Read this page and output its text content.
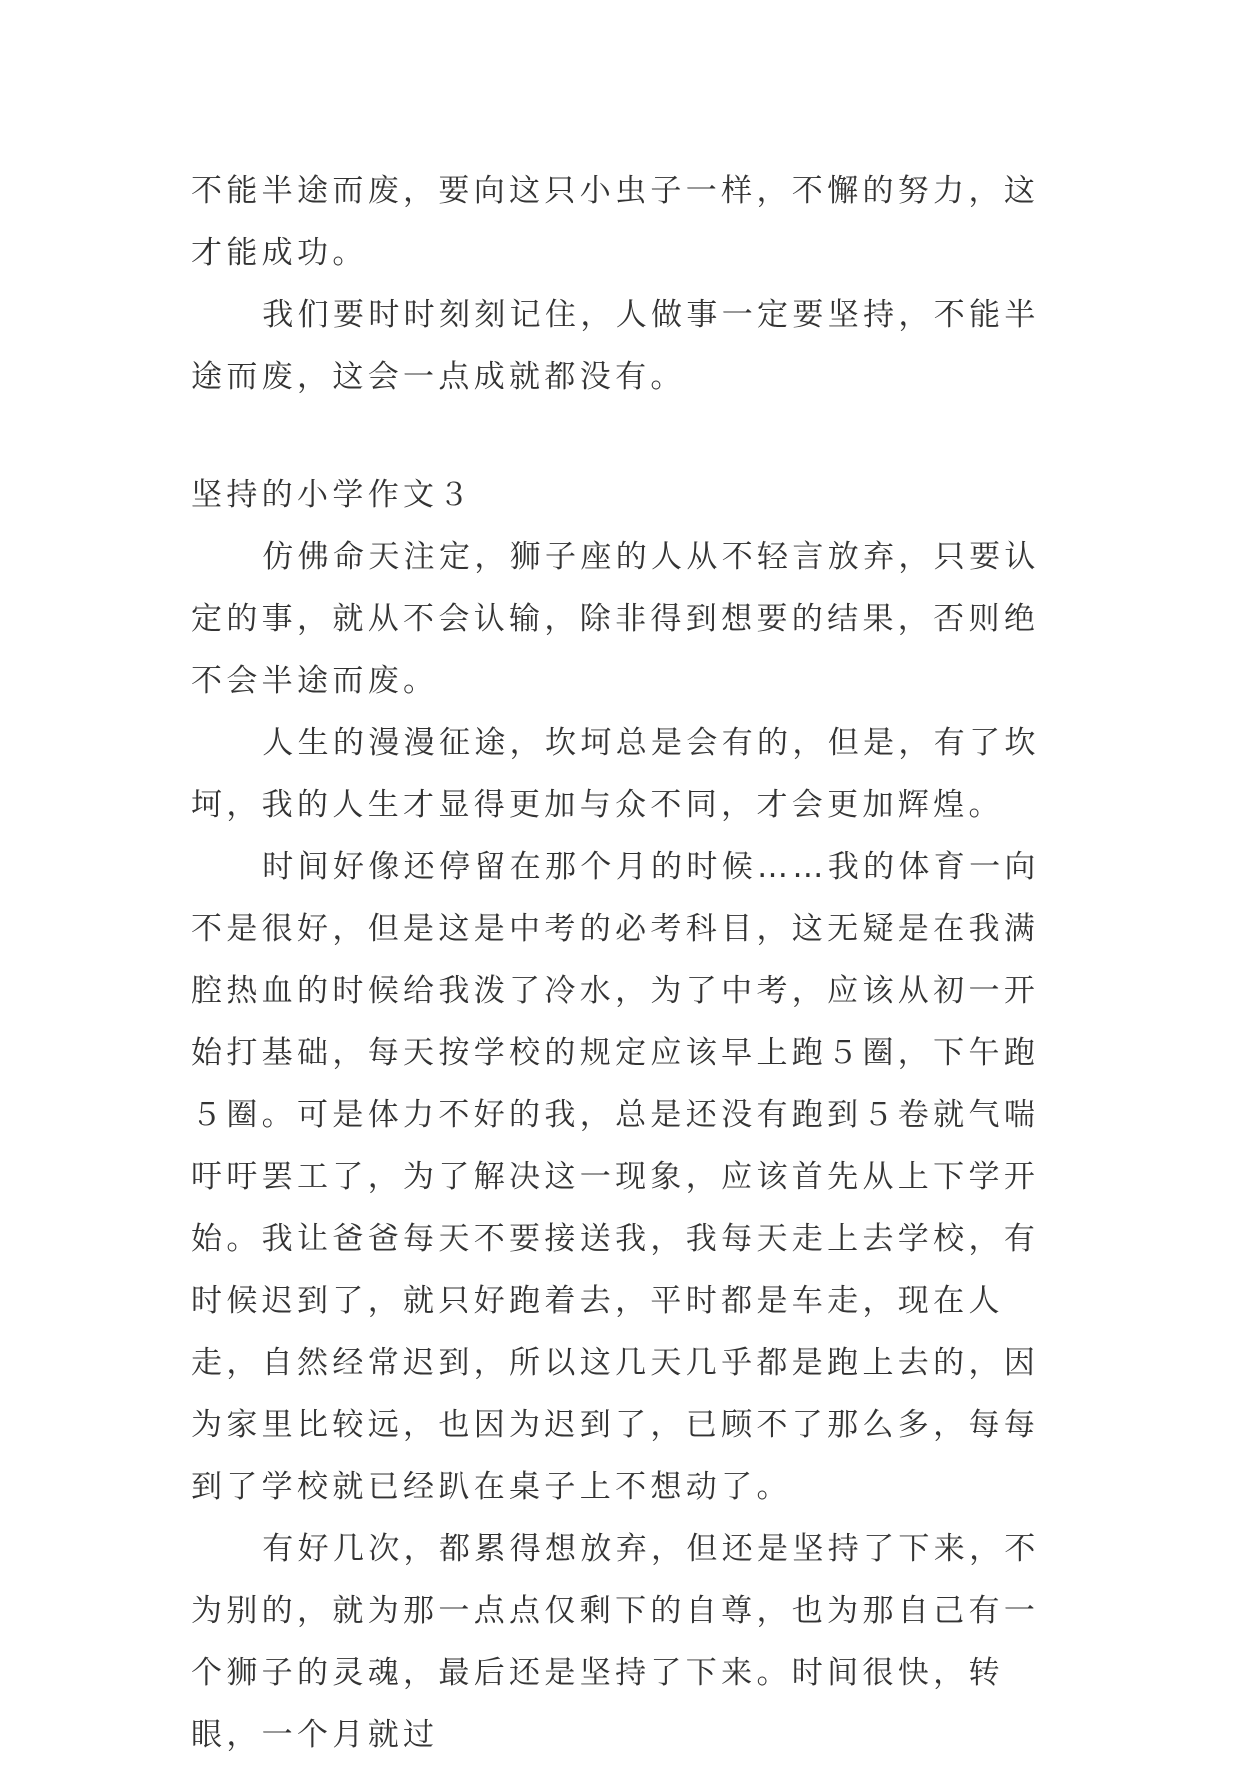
不能半途而废，要向这只小虫子一样，不懈的努力，这才能成功。

我们要时时刻刻记住，人做事一定要坚持，不能半途而废，这会一点成就都没有。

坚持的小学作文３

仿佛命天注定，狮子座的人从不轻言放弃，只要认定的事，就从不会认输，除非得到想要的结果，否则绝不会半途而废。

人生的漫漫征途，坎坷总是会有的，但是，有了坎坷，我的人生才显得更加与众不同，才会更加辉煌。

时间好像还停留在那个月的时候……我的体育一向不是很好，但是这是中考的必考科目，这无疑是在我满腔热血的时候给我泼了冷水，为了中考，应该从初一开始打基础，每天按学校的规定应该早上跑５圈，下午跑５圈。可是体力不好的我，总是还没有跑到５卷就气喘吁吁罢工了，为了解决这一现象，应该首先从上下学开始。我让爸爸每天不要接送我，我每天走上去学校，有时候迟到了，就只好跑着去，平时都是车走，现在人走，自然经常迟到，所以这几天几乎都是跑上去的，因为家里比较远，也因为迟到了，已顾不了那么多，每每到了学校就已经趴在桌子上不想动了。

有好几次，都累得想放弃，但还是坚持了下来，不为别的，就为那一点点仅剩下的自尊，也为那自己有一个狮子的灵魂，最后还是坚持了下来。时间很快，转眼，一个月就过
